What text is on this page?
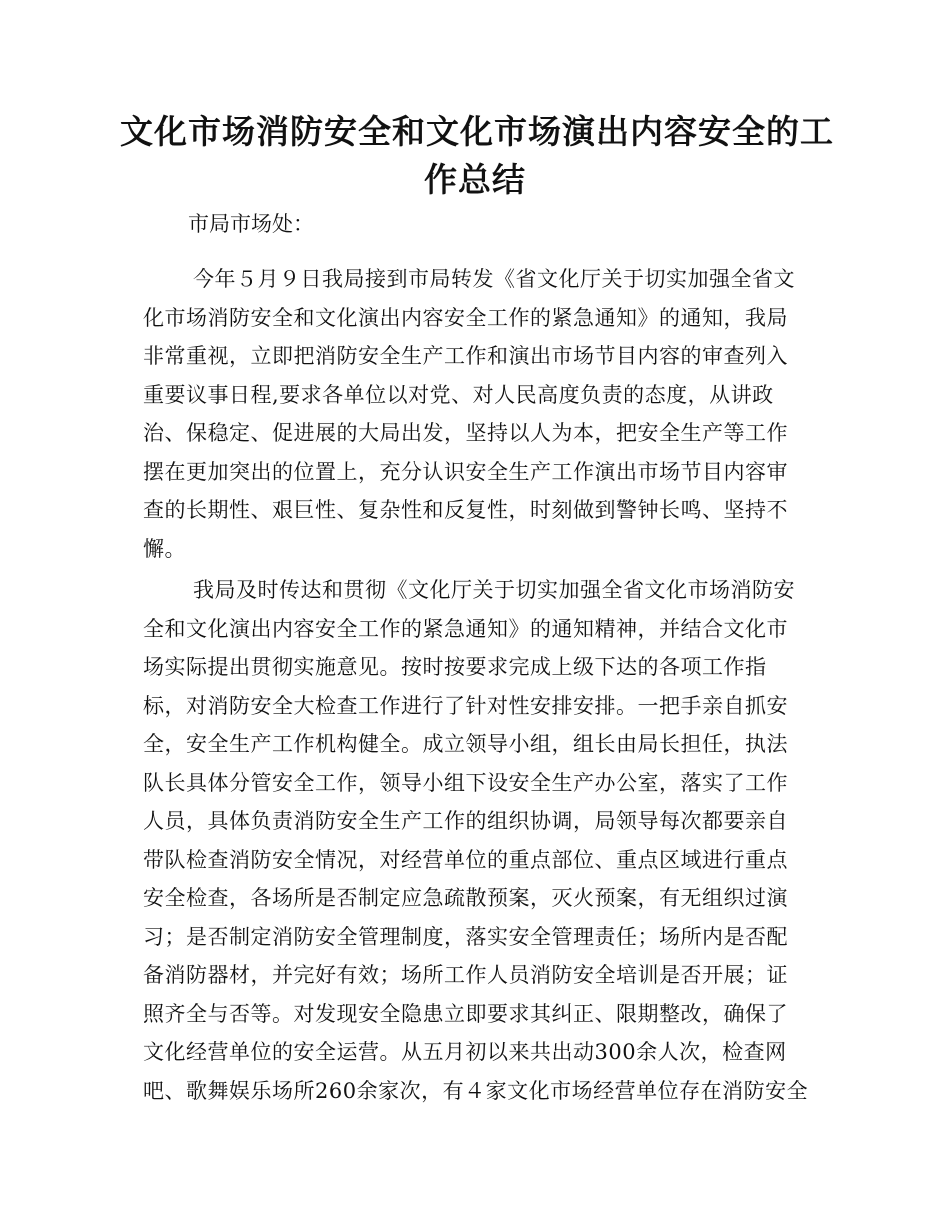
文化市场消防安全和文化市场演出内容安全的工
作总结

市局市场处：

今年５月９日我局接到市局转发《省文化厅关于切实加强全省文
化市场消防安全和文化演出内容安全工作的紧急通知》的通知，我局
非常重视，立即把消防安全生产工作和演出市场节目内容的审查列入
重要议事日程,要求各单位以对党、对人民高度负责的态度，从讲政
治、保稳定、促进展的大局出发，坚持以人为本，把安全生产等工作
摆在更加突出的位置上，充分认识安全生产工作演出市场节目内容审
查的长期性、艰巨性、复杂性和反复性，时刻做到警钟长鸣、坚持不
懈。
我局及时传达和贯彻《文化厅关于切实加强全省文化市场消防安
全和文化演出内容安全工作的紧急通知》的通知精神，并结合文化市
场实际提出贯彻实施意见。按时按要求完成上级下达的各项工作指
标，对消防安全大检查工作进行了针对性安排安排。一把手亲自抓安
全，安全生产工作机构健全。成立领导小组，组长由局长担任，执法
队长具体分管安全工作，领导小组下设安全生产办公室，落实了工作
人员，具体负责消防安全生产工作的组织协调，局领导每次都要亲自
带队检查消防安全情况，对经营单位的重点部位、重点区域进行重点
安全检查，各场所是否制定应急疏散预案，灭火预案，有无组织过演
习；是否制定消防安全管理制度，落实安全管理责任；场所内是否配
备消防器材，并完好有效；场所工作人员消防安全培训是否开展；证
照齐全与否等。对发现安全隐患立即要求其纠正、限期整改，确保了
文化经营单位的安全运营。从五月初以来共出动300余人次，检查网
吧、歌舞娱乐场所260余家次，有４家文化市场经营单位存在消防安全
